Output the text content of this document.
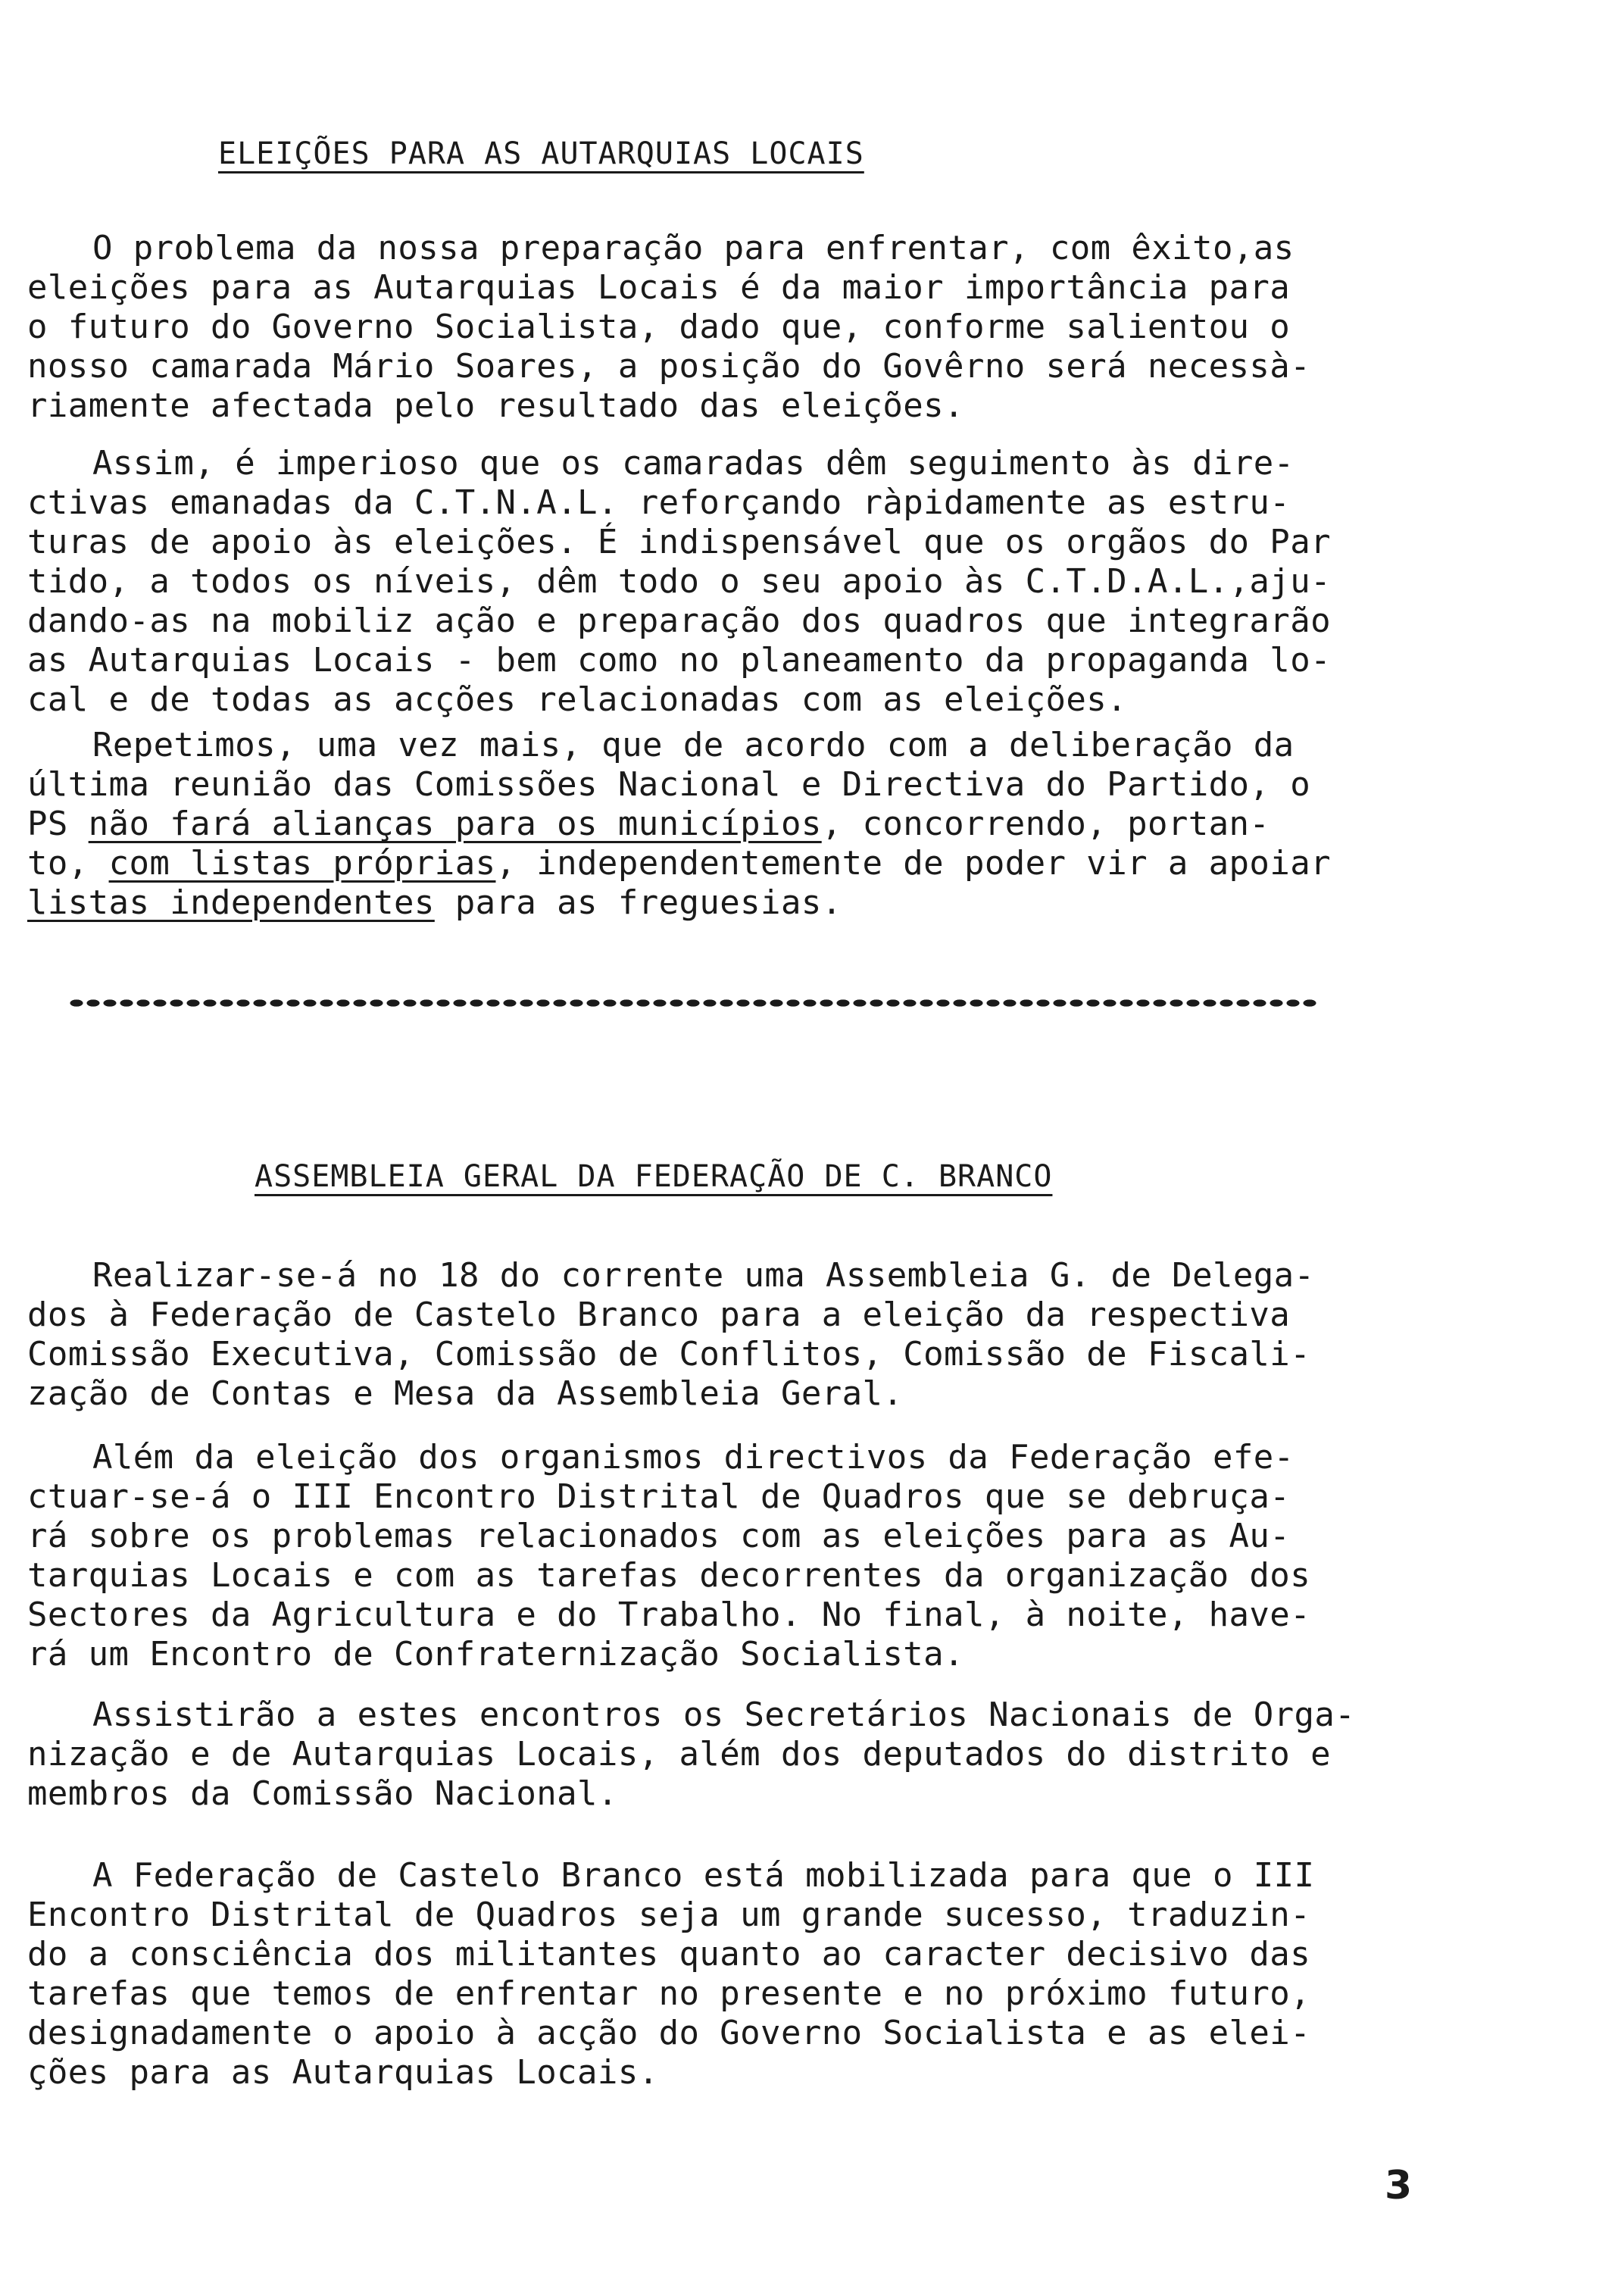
ELEIÇÕES PARA AS AUTARQUIAS LOCAIS
O problema da nossa preparação para enfrentar, com êxito,as
eleições para as Autarquias Locais é da maior importância para
o futuro do Governo Socialista, dado que, conforme salientou o
nosso camarada Mário Soares, a posição do Govêrno será necessà-
riamente afectada pelo resultado das eleições.
Assim, é imperioso que os camaradas dêm seguimento às dire-
ctivas emanadas da C.T.N.A.L. reforçando ràpidamente as estru-
turas de apoio às eleições. É indispensável que os orgãos do Par
tido, a todos os níveis, dêm todo o seu apoio às C.T.D.A.L.,aju-
dando-as na mobiliz ação e preparação dos quadros que integrarão
as Autarquias Locais - bem como no planeamento da propaganda lo-
cal e de todas as acções relacionadas com as eleições.
Repetimos, uma vez mais, que de acordo com a deliberação da
última reunião das Comissões Nacional e Directiva do Partido, o
PS não fará alianças para os municípios, concorrendo, portan-
to, com listas próprias, independentemente de poder vir a apoiar
listas independentes para as freguesias.
ASSEMBLEIA GERAL DA FEDERAÇÃO DE C. BRANCO
Realizar-se-á no 18 do corrente uma Assembleia G. de Delega-
dos à Federação de Castelo Branco para a eleição da respectiva
Comissão Executiva, Comissão de Conflitos, Comissão de Fiscali-
zação de Contas e Mesa da Assembleia Geral.
Além da eleição dos organismos directivos da Federação efe-
ctuar-se-á o III Encontro Distrital de Quadros que se debruça-
rá sobre os problemas relacionados com as eleições para as Au-
tarquias Locais e com as tarefas decorrentes da organização dos
Sectores da Agricultura e do Trabalho. No final, à noite, have-
rá um Encontro de Confraternização Socialista.
Assistirão a estes encontros os Secretários Nacionais de Orga-
nização e de Autarquias Locais, além dos deputados do distrito e
membros da Comissão Nacional.
A Federação de Castelo Branco está mobilizada para que o III
Encontro Distrital de Quadros seja um grande sucesso, traduzin-
do a consciência dos militantes quanto ao caracter decisivo das
tarefas que temos de enfrentar no presente e no próximo futuro,
designadamente o apoio à acção do Governo Socialista e as elei-
ções para as Autarquias Locais.
3
